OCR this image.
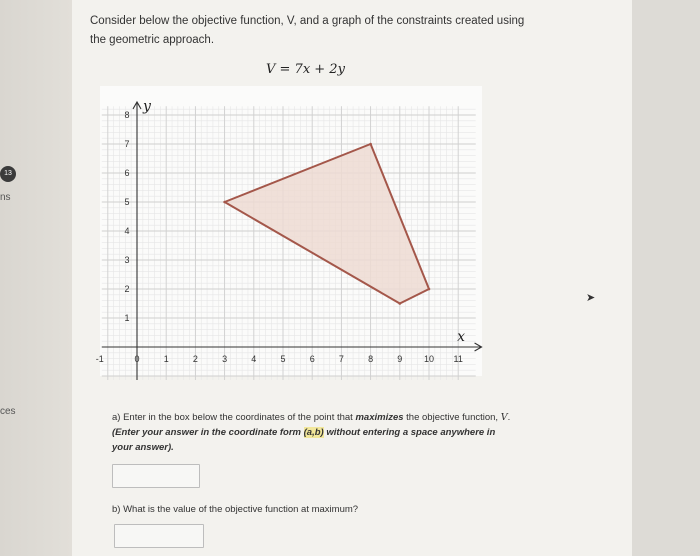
13
ns
ces
➤
Consider below the objective function, V, and a graph of the constraints created using the geometric approach.
V = 7x + 2y
-1	0	1	2	3	4	5	6	7	8	9 10 11
1
2
3
4
5
6
7
8
x
y
a) Enter in the box below the coordinates of the point that maximizes the objective function, V. (Enter your answer in the coordinate form (a,b) without entering a space anywhere in your answer).
b) What is the value of the objective function at maximum?
